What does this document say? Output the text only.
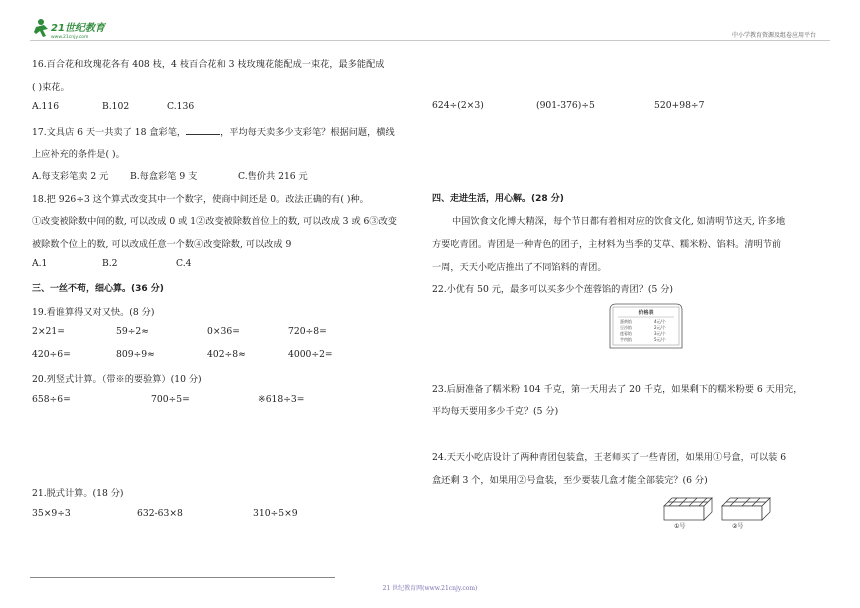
21世纪教育
www.21cnjy.com	中小学教育资源及组卷应用平台
16.百合花和玫瑰花各有 408 枝，4 枝百合花和 3 枝玫瑰花能配成一束花，最多能配成
( )束花。
A.116	B.102	C.136
17.文具店 6 天一共卖了 18 盒彩笔，	，平均每天卖多少支彩笔？根据问题，横线
上应补充的条件是( )。
A.每支彩笔卖 2 元 B.每盒彩笔 9 支	C.售价共 216 元
18.把 926÷3 这个算式改变其中一个数字，使商中间还是 0。改法正确的有( )种。
①改变被除数中间的数, 可以改成 0 或 1②改变被除数首位上的数, 可以改成 3 或 6③改变
被除数个位上的数, 可以改成任意一个数④改变除数, 可以改成 9
A.1	B.2	C.4
三、一丝不苟，细心算。(36 分)
19.看谁算得又对又快。(8 分)
2×21=	59÷2≈	0×36=	720÷8=
420÷6=	809÷9≈	402÷8≈	4000÷2=
20.列竖式计算。（带※的要验算）(10 分)
658÷6=	700÷5=	※618÷3=
21.脱式计算。(18 分)
35×9÷3	632-63×8	310÷5×9
624÷(2×3)	(901-376)÷5	520+98÷7
四、走进生活，用心解。(28 分)
中国饮食文化博大精深，每个节日都有着相对应的饮食文化, 如清明节这天, 许多地
方要吃青团。青团是一种青色的团子，主材料为当季的艾草、糯米粉、馅料。清明节前
一周，天天小吃店推出了不同馅料的青团。
22.小优有 50 元，最多可以买多少个莲蓉馅的青团？(5 分)
价格表
蛋黄馅	4元/个
豆沙馅	2元/个
莲蓉馅	3元/个
芋肉馅	5元/个
23.后厨准备了糯米粉 104 千克，第一天用去了 20 千克，如果剩下的糯米粉要 6 天用完，
平均每天要用多少千克？(5 分)
24.天天小吃店设计了两种青团包装盒，王老师买了一些青团，如果用①号盒，可以装 6
盒还剩 3 个，如果用②号盒装，至少要装几盒才能全部装完？(6 分)
①号	②号
21 世纪教育网(www.21cnjy.com)
